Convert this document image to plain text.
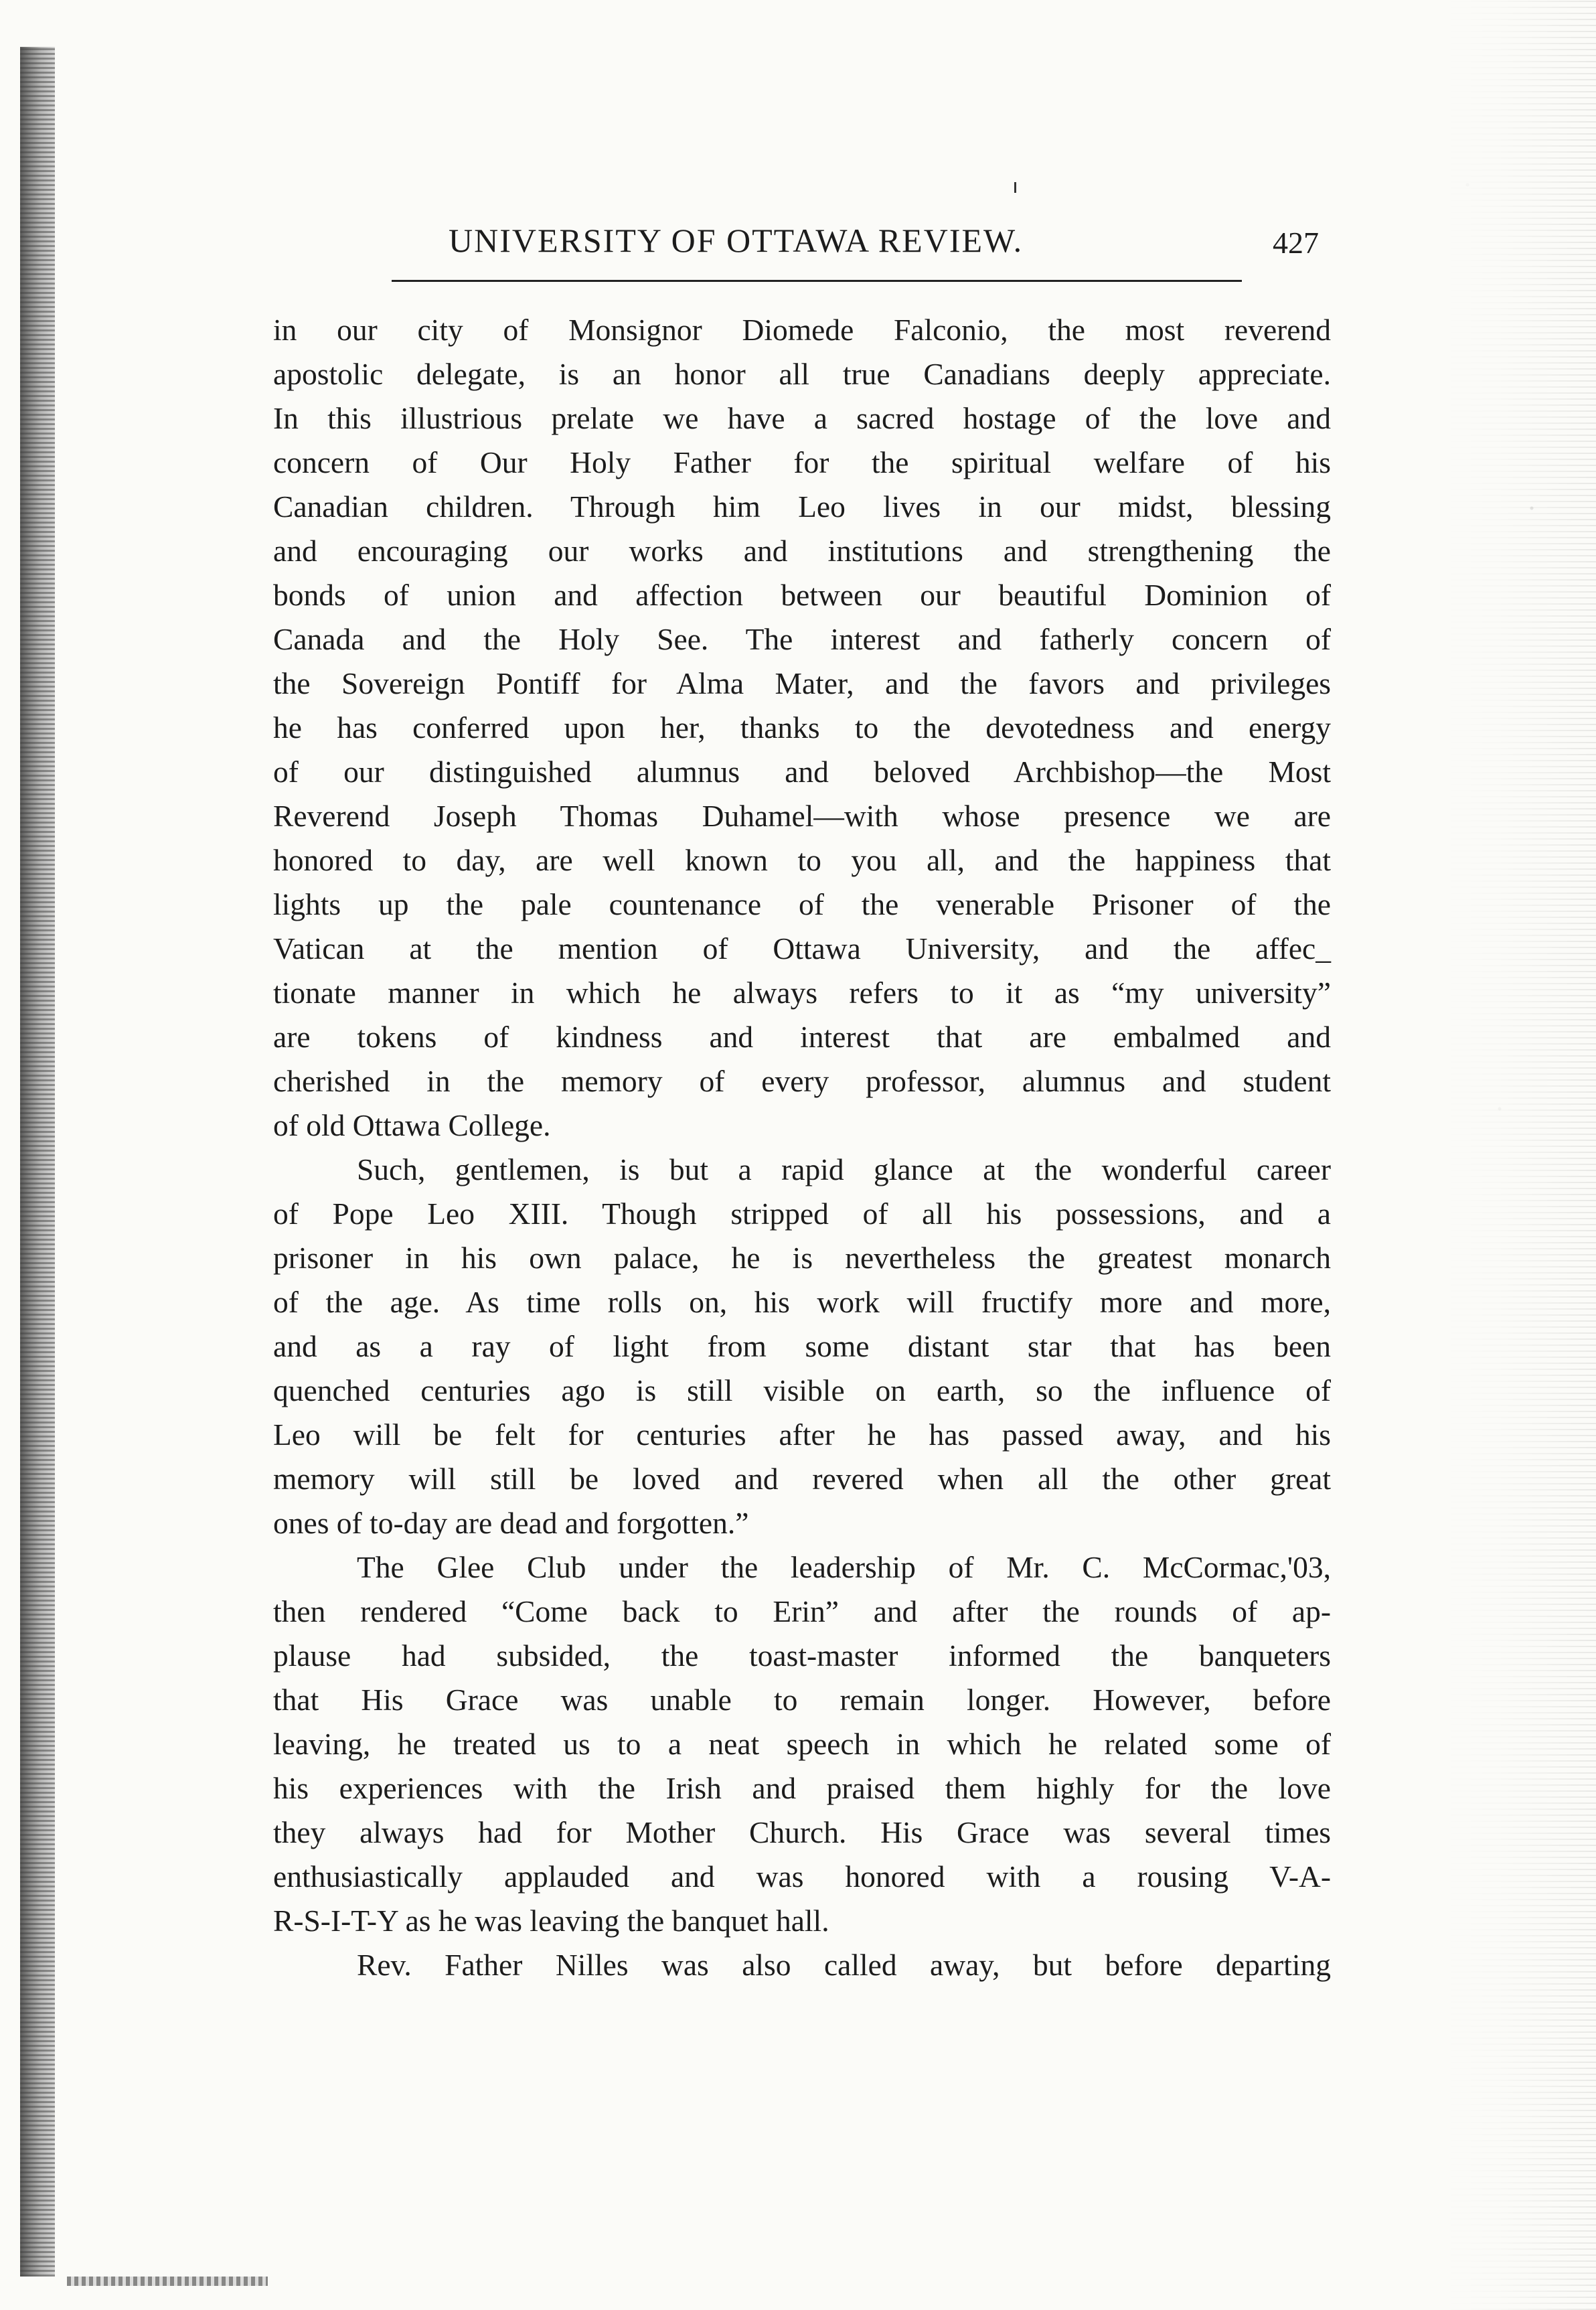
UNIVERSITY OF OTTAWA REVIEW.	427
in our city of Monsignor Diomede Falconio, the most reverend
apostolic delegate, is an honor all true Canadians deeply appreciate.
In this illustrious prelate we have a sacred hostage of the love and
concern of Our Holy Father for the spiritual welfare of his
Canadian children. Through him Leo lives in our midst, blessing
and encouraging our works and institutions and strengthening the
bonds of union and affection between our beautiful Dominion of
Canada and the Holy See. The interest and fatherly concern of
the Sovereign Pontiff for Alma Mater, and the favors and privileges
he has conferred upon her, thanks to the devotedness and energy
of our distinguished alumnus and beloved Archbishop—the Most
Reverend Joseph Thomas Duhamel—with whose presence we are
honored to day, are well known to you all, and the happiness that
lights up the pale countenance of the venerable Prisoner of the
Vatican at the mention of Ottawa University, and the affec_
tionate manner in which he always refers to it as “my university”
are tokens of kindness and interest that are embalmed and
cherished in the memory of every professor, alumnus and student
of old Ottawa College.
Such, gentlemen, is but a rapid glance at the wonderful career
of Pope Leo XIII. Though stripped of all his possessions, and a
prisoner in his own palace, he is nevertheless the greatest monarch
of the age. As time rolls on, his work will fructify more and more,
and as a ray of light from some distant star that has been
quenched centuries ago is still visible on earth, so the influence of
Leo will be felt for centuries after he has passed away, and his
memory will still be loved and revered when all the other great
ones of to-day are dead and forgotten.”
The Glee Club under the leadership of Mr. C. McCormac,'03,
then rendered “Come back to Erin” and after the rounds of ap-
plause had subsided, the toast-master informed the banqueters
that His Grace was unable to remain longer. However, before
leaving, he treated us to a neat speech in which he related some of
his experiences with the Irish and praised them highly for the love
they always had for Mother Church. His Grace was several times
enthusiastically applauded and was honored with a rousing V-A-
R-S-I-T-Y as he was leaving the banquet hall.
Rev. Father Nilles was also called away, but before departing
